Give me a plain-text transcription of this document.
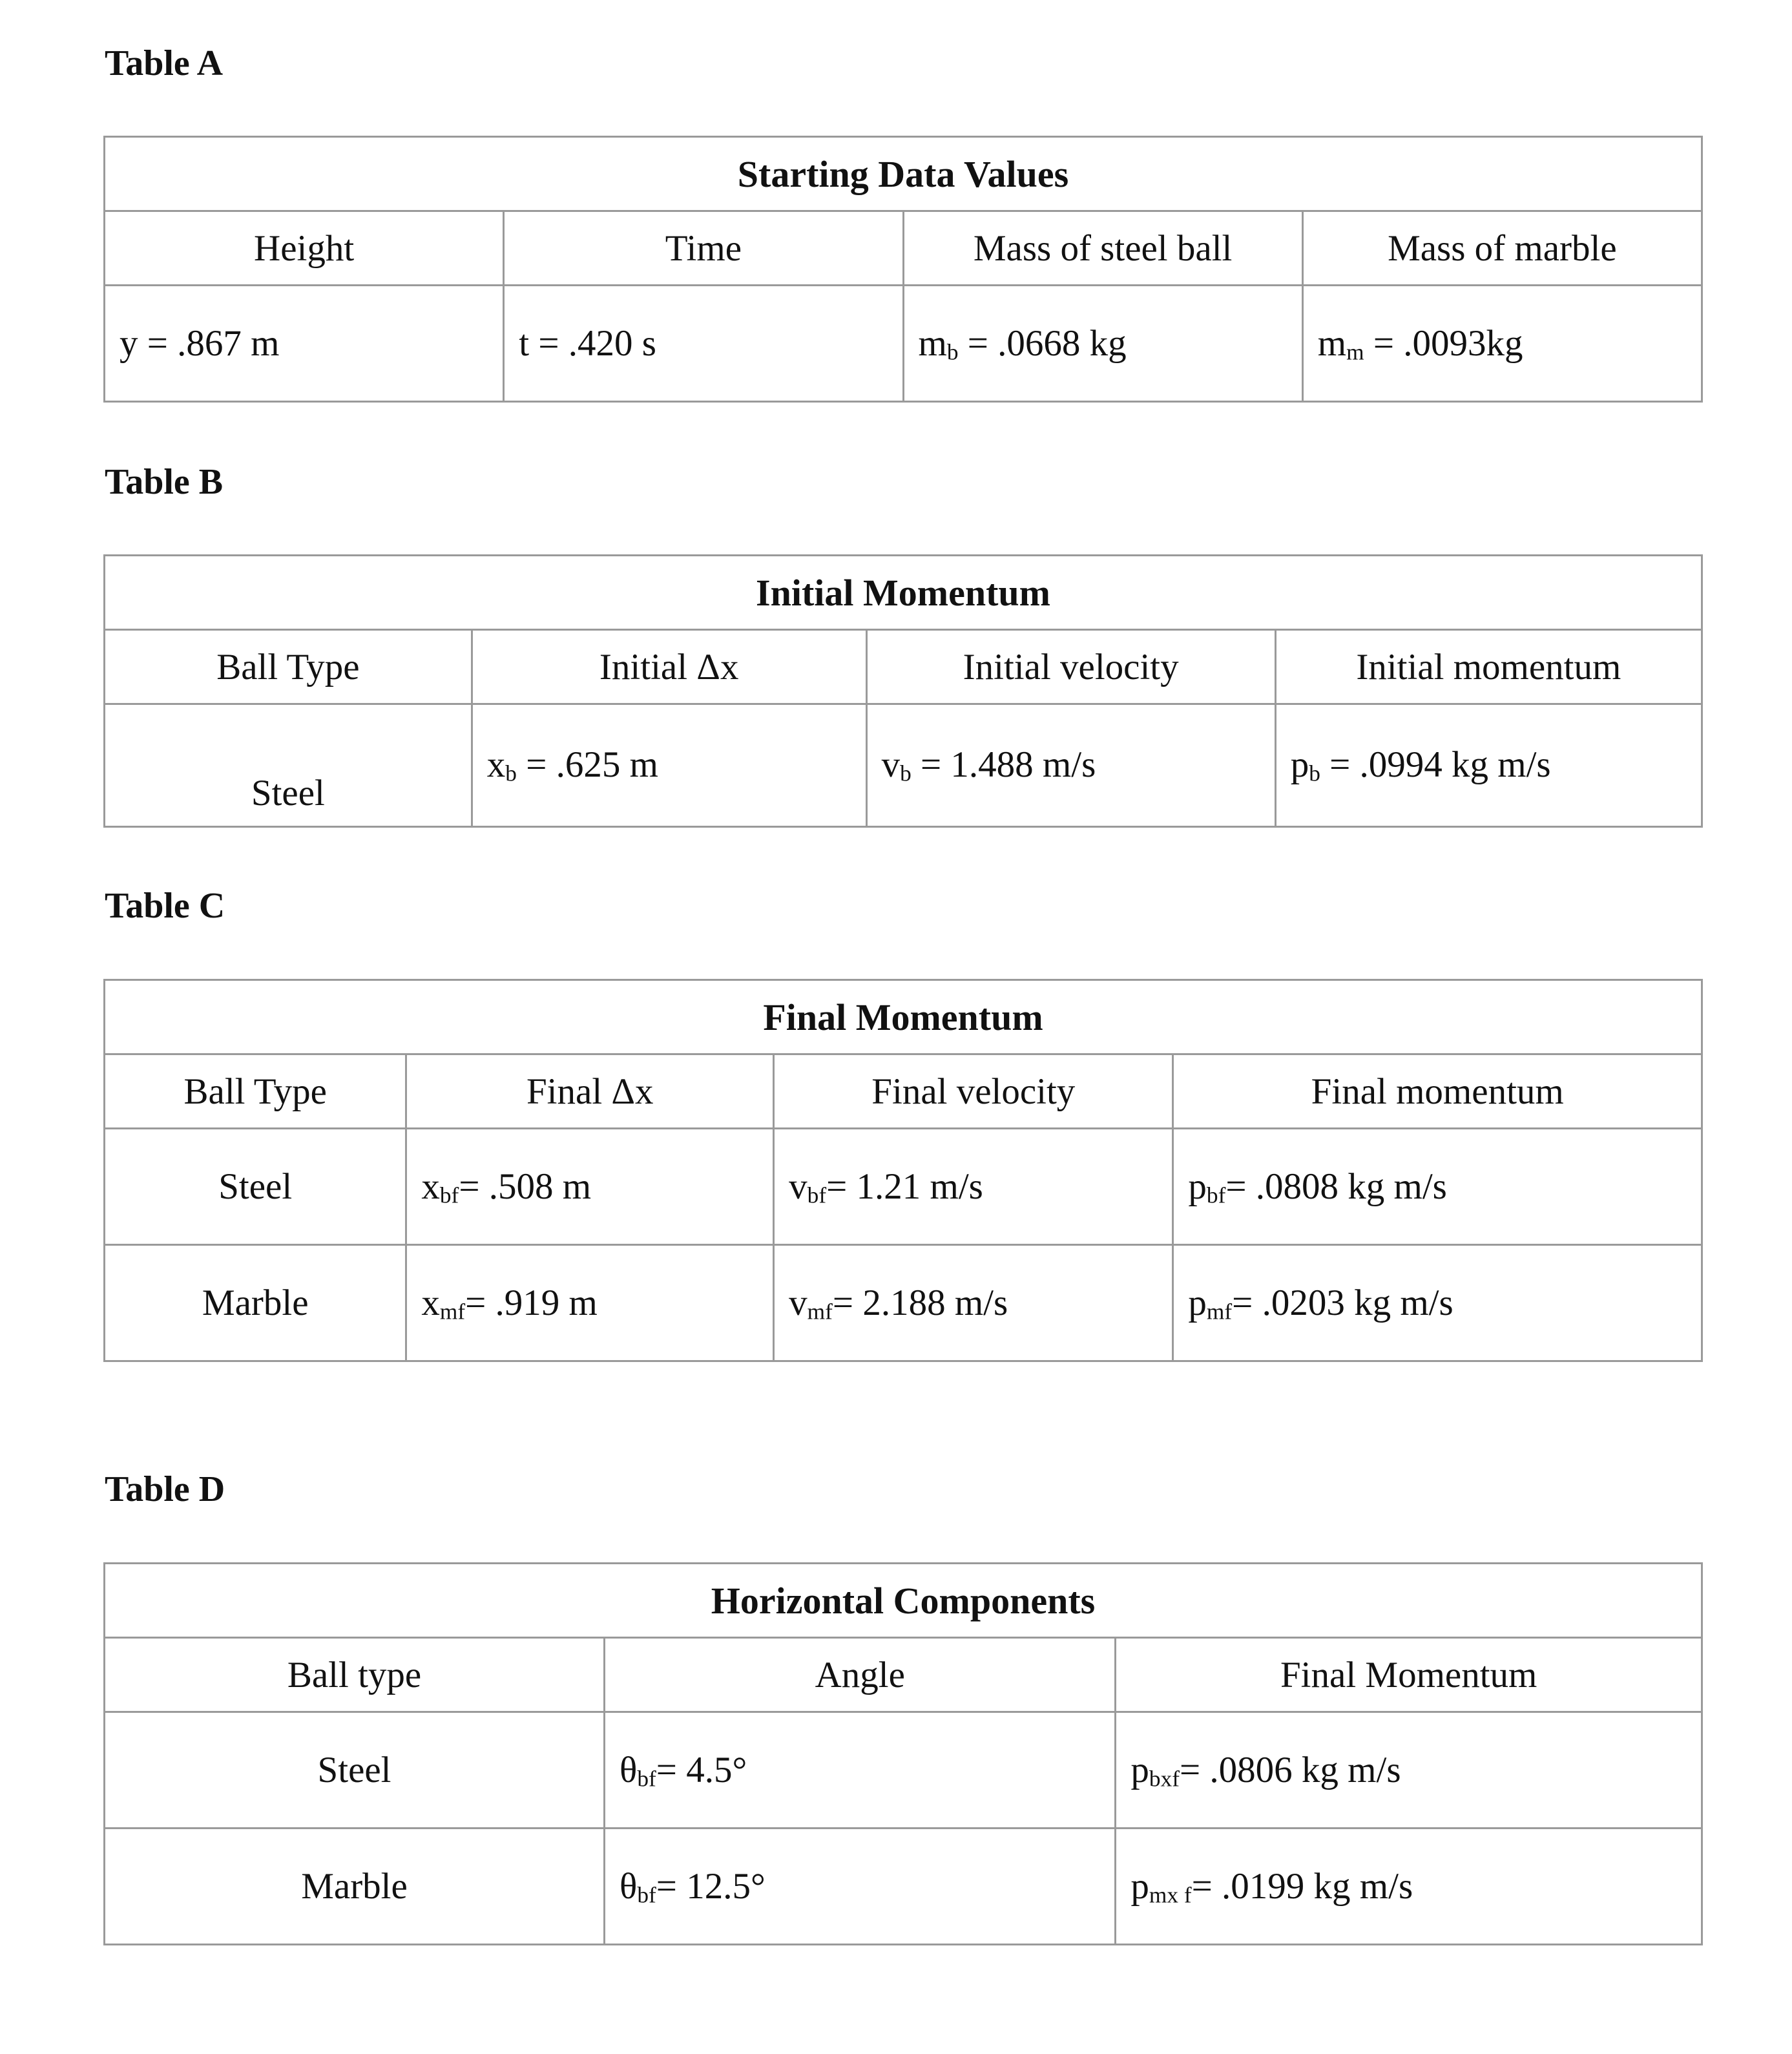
Table A
Starting Data Values			
Height	Time	Mass of steel ball	Mass of marble
y = .867 m	t = .420 s	$m_b = .0668$ kg	$m_m = .0093kg$
Table B
Initial Momentum			
Ball Type	Initial Δx	Initial velocity	Initial momentum
Steel	$x_b = .625$ m	$v_b = 1.488$ m/s	$p_b = .0994$ kg m/s
Table C
Final Momentum			
Ball Type	Final Δx	Final velocity	Final momentum
Steel	$x_{bf}= .508$ m	$v_{bf}= 1.21$ m/s	$p_{bf}= .0808$ kg m/s
Marble	$x_{mf}= .919$ m	$v_{mf}= 2.188$ m/s	$p_{mf}= .0203$ kg m/s
Table D
Horizontal Components		
Ball type	Angle	Final Momentum
Steel	$\theta_{bf}= 4.5^\circ$	$p_{bxf}= .0806$ kg m/s
Marble	$\theta_{bf}= 12.5^\circ$	$p_{mx f}= .0199$ kg m/s
